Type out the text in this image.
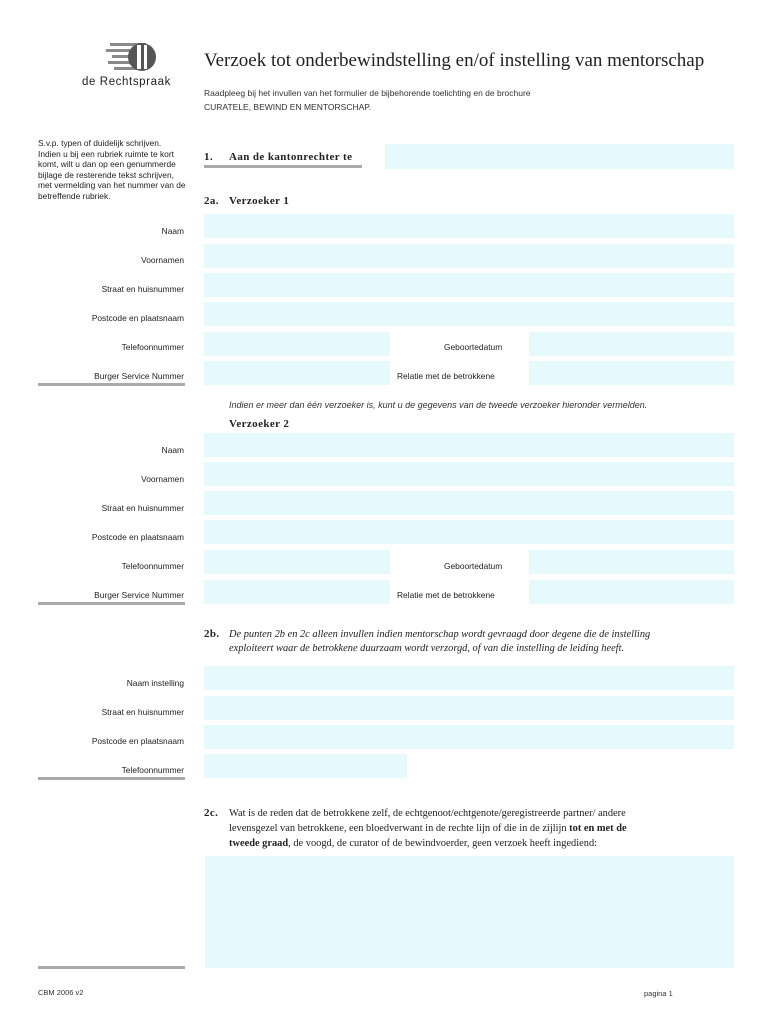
de Rechtspraak
Verzoek tot onderbewindstelling en/of instelling van mentorschap
Raadpleeg bij het invullen van het formulier de bijbehorende toelichting en de brochure
CURATELE, BEWIND EN MENTORSCHAP.
S.v.p. typen of duidelijk schrijven. Indien u bij een rubriek ruimte te kort komt, wilt u dan op een genummerde bijlage de resterende tekst schrijven, met vermelding van het nummer van de betreffende rubriek.
1. Aan de kantonrechter te
2a. Verzoeker 1
Naam
Voornamen
Straat en huisnummer
Postcode en plaatsnaam
Telefoonnummer	Geboortedatum
Burger Service Nummer	Relatie met de betrokkene
Indien er meer dan één verzoeker is, kunt u de gegevens van de tweede verzoeker hieronder vermelden.
Verzoeker 2
Naam
Voornamen
Straat en huisnummer
Postcode en plaatsnaam
Telefoonnummer	Geboortedatum
Burger Service Nummer	Relatie met de betrokkene
2b. De punten 2b en 2c alleen invullen indien mentorschap wordt gevraagd door degene die de instelling
exploiteert waar de betrokkene duurzaam wordt verzorgd, of van die instelling de leiding heeft.
Naam instelling
Straat en huisnummer
Postcode en plaatsnaam
Telefoonnummer
2c. Wat is de reden dat de betrokkene zelf, de echtgenoot/echtgenote/geregistreerde partner/ andere
levensgezel van betrokkene, een bloedverwant in de rechte lijn of die in de zijlijn tot en met de
tweede graad, de voogd, de curator of de bewindvoerder, geen verzoek heeft ingediend:
CBM 2006 v2	pagina 1
